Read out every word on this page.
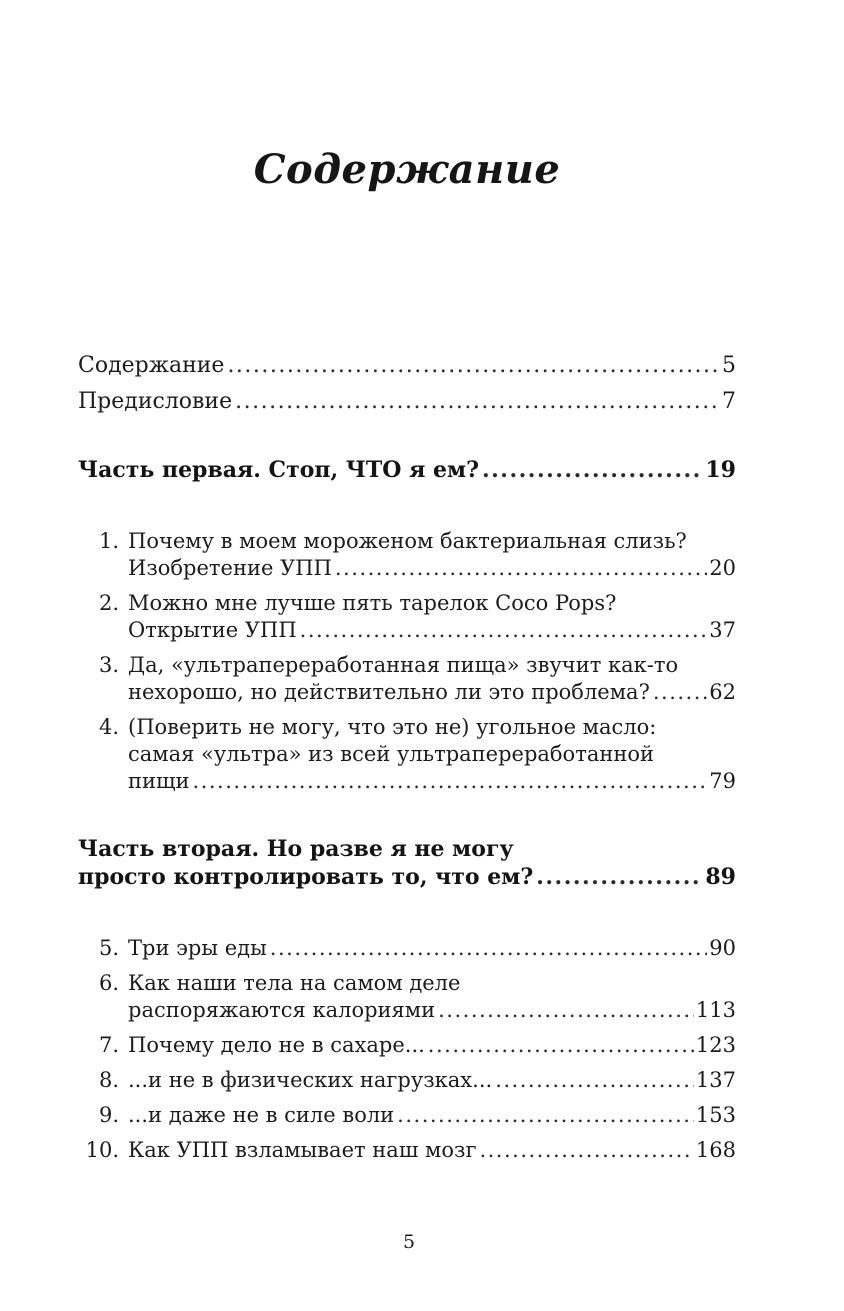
Содержание
Содержание .....	5
Предисловие .....	7
Часть первая. Стоп, ЧТО я ем? .....	19
1. Почему в моем мороженом бактериальная слизь?
Изобретение УПП .....	20
2. Можно мне лучше пять тарелок Coco Pops?
Открытие УПП .....	37
3. Да, «ультрапереработанная пища» звучит как-то
нехорошо, но действительно ли это проблема? .....	62
4. (Поверить не могу, что это не) угольное масло:
самая «ультра» из всей ультрапереработанной
пищи .....	79
Часть вторая. Но разве я не могу
просто контролировать то, что ем? .....	89
5. Три эры еды .....	90
6. Как наши тела на самом деле
распоряжаются калориями .....	113
7. Почему дело не в сахаре... .....	123
8. ...и не в физических нагрузках... .....	137
9. ...и даже не в силе воли .....	153
10. Как УПП взламывает наш мозг .....	168
5
